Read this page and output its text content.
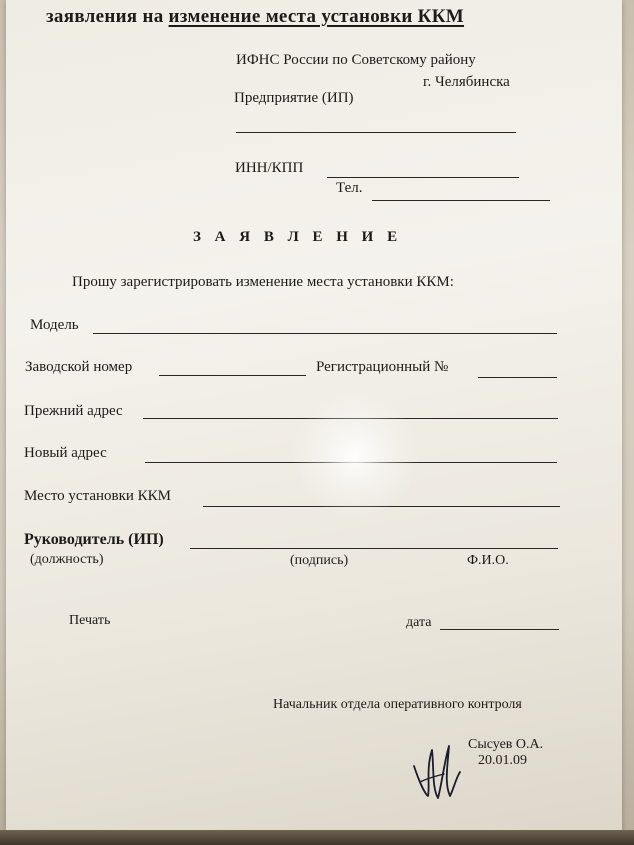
заявления на изменение места установки ККМ
ИФНС России по Советскому району
г. Челябинска
Предприятие (ИП)
ИНН/КПП
Тел.
З А Я В Л Е Н И Е
Прошу зарегистрировать изменение места установки ККМ:
Модель
Заводской номер	Регистрационный №
Прежний адрес
Новый адрес
Место установки ККМ
Руководитель (ИП)
(должность)	(подпись)	Ф.И.О.
Печать	дата
Начальник отдела оперативного контроля
Сысуев О.А.
20.01.09
